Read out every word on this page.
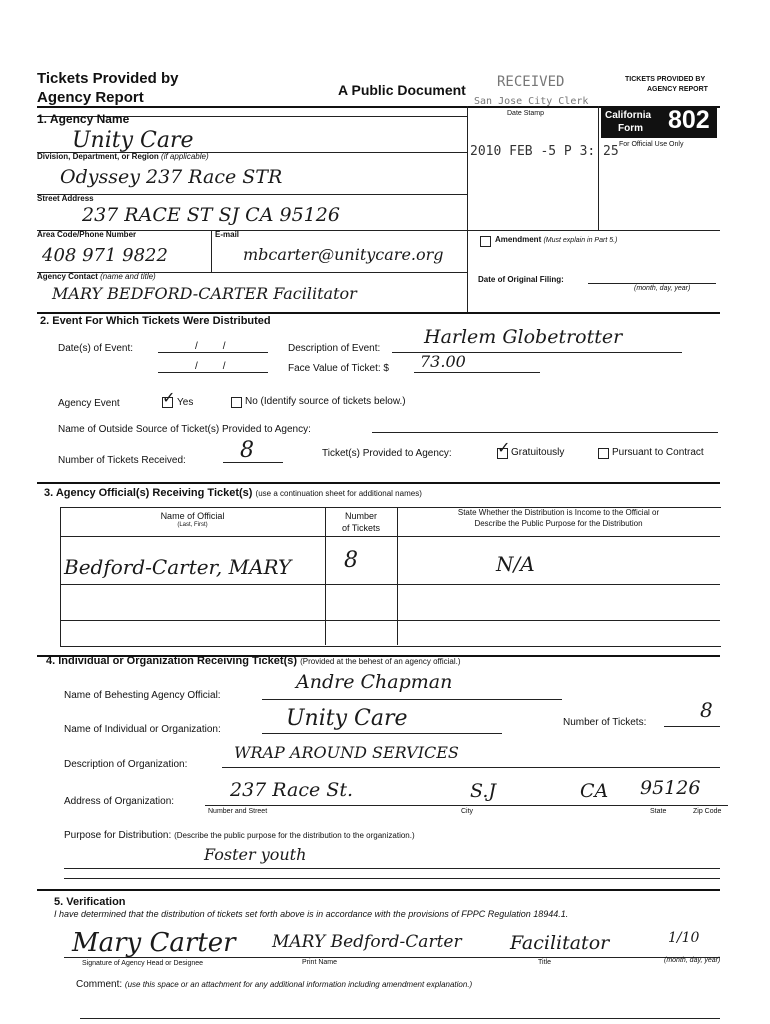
Tickets Provided by
Agency Report	A Public Document RECEIVED
San Jose City Clerk
TICKETS PROVIDED BY
AGENCY REPORT
California
Form 802
For Official Use Only
Date Stamp
2010 FEB -5 P 3: 25
1. Agency Name
Unity Care
Division, Department, or Region (if applicable)
Odyssey 237 Race STR
Street Address
237 RACE ST SJ CA 95126
Area Code/Phone Number	E-mail
408 971 9822	mbcarter@unitycare.org
Agency Contact (name and title)
MARY BEDFORD-CARTER Facilitator
Amendment (Must explain in Part 5.)
Date of Original Filing:
(month, day, year)
2. Event For Which Tickets Were Distributed
Date(s) of Event:	/         /
/         /
Description of Event:
Harlem Globetrotter
Face Value of Ticket: $ 73.00
Agency Event	✓ Yes	No (Identify source of tickets below.)
Name of Outside Source of Ticket(s) Provided to Agency:
Number of Tickets Received: 8	Ticket(s) Provided to Agency:	✓ Gratuitously	Pursuant to Contract
3. Agency Official(s) Receiving Ticket(s) (use a continuation sheet for additional names)
Name of Official
(Last, First)
Number
of Tickets
State Whether the Distribution is Income to the Official or
Describe the Public Purpose for the Distribution
Bedford-Carter, MARY 8	N/A
4. Individual or Organization Receiving Ticket(s) (Provided at the behest of an agency official.)
Name of Behesting Agency Official:
Andre Chapman
Name of Individual or Organization:	Unity Care	Number of Tickets:
8
Description of Organization:
WRAP AROUND SERVICES
Address of Organization:
237 Race St.	S.J	CA 95126
Number and Street	City	State	Zip Code
Purpose for Distribution: (Describe the public purpose for the distribution to the organization.)
Foster youth
5. Verification
I have determined that the distribution of tickets set forth above is in accordance with the provisions of FPPC Regulation 18944.1.
Mary Carter MARY Bedford-Carter	Facilitator	1/10
Signature of Agency Head or Designee	Print Name	Title	(month, day, year)
Comment: (use this space or an attachment for any additional information including amendment explanation.)
